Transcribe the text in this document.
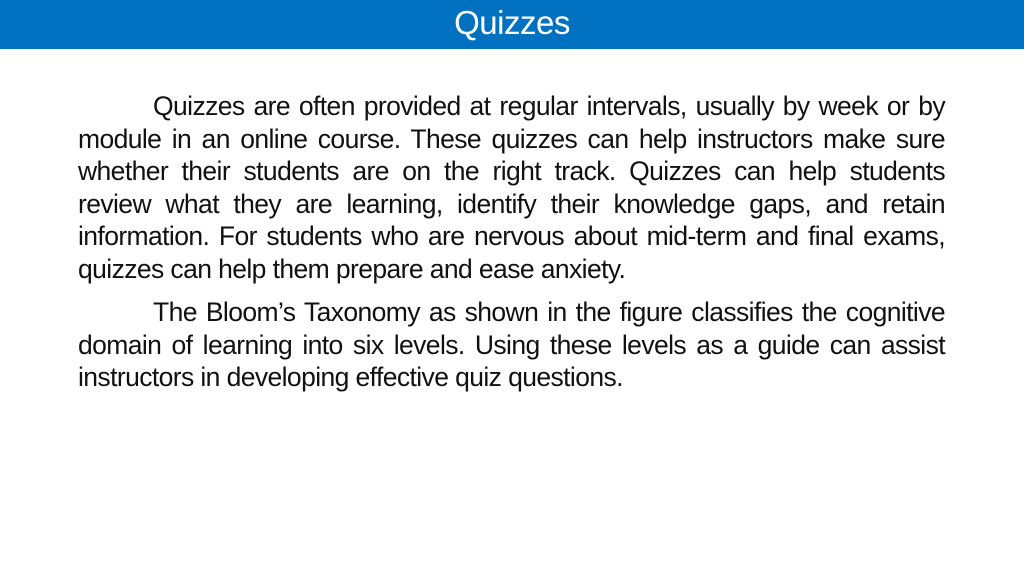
Quizzes

Quizzes are often provided at regular intervals, usually by week or by module in an online course. These quizzes can help instructors make sure whether their students are on the right track. Quizzes can help students review what they are learning, identify their knowledge gaps, and retain information. For students who are nervous about mid-term and final exams, quizzes can help them prepare and ease anxiety.

The Bloom’s Taxonomy as shown in the figure classifies the cognitive domain of learning into six levels. Using these levels as a guide can assist instructors in developing effective quiz questions.
